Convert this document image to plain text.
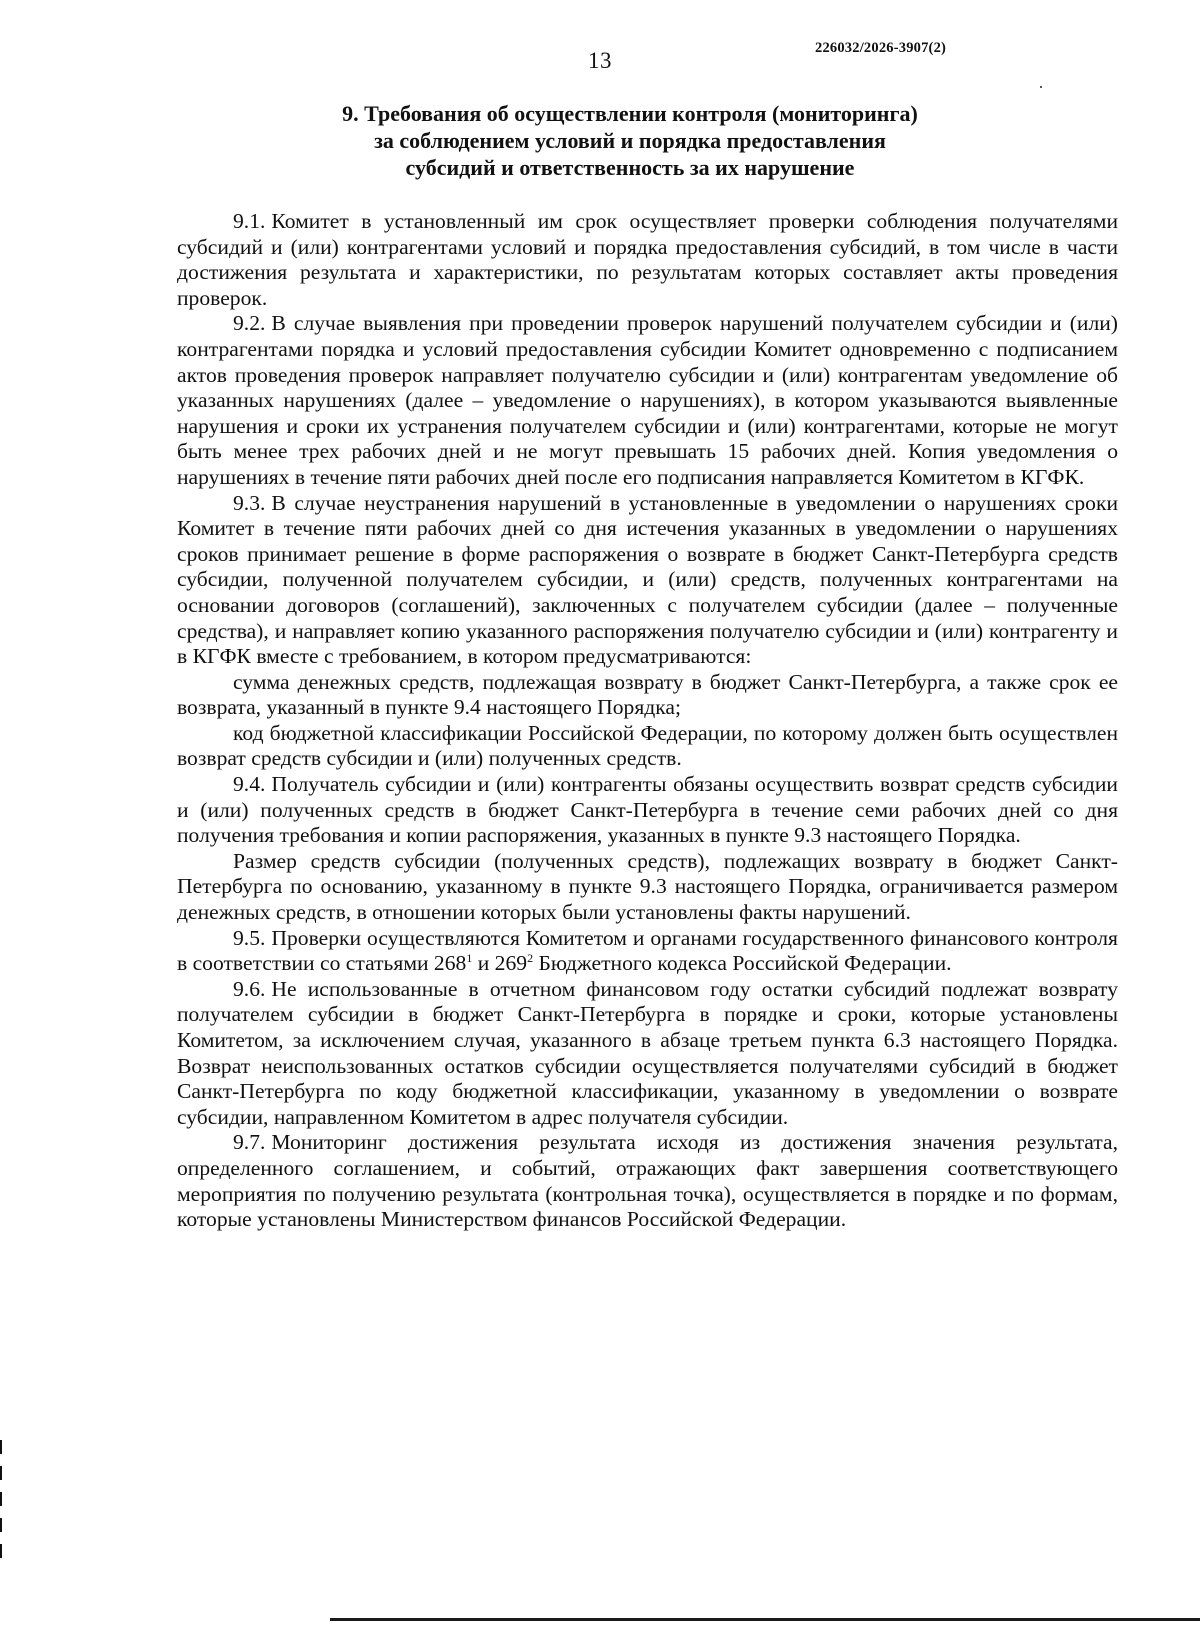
13	226032/2026-3907(2)
9. Требования об осуществлении контроля (мониторинга)
за соблюдением условий и порядка предоставления
субсидий и ответственность за их нарушение

9.1. Комитет в установленный им срок осуществляет проверки соблюдения получателями субсидий и (или) контрагентами условий и порядка предоставления субсидий, в том числе в части достижения результата и характеристики, по результатам которых составляет акты проведения проверок.

9.2. В случае выявления при проведении проверок нарушений получателем субсидии и (или) контрагентами порядка и условий предоставления субсидии Комитет одновременно с подписанием актов проведения проверок направляет получателю субсидии и (или) контрагентам уведомление об указанных нарушениях (далее – уведомление о нарушениях), в котором указываются выявленные нарушения и сроки их устранения получателем субсидии и (или) контрагентами, которые не могут быть менее трех рабочих дней и не могут превышать 15 рабочих дней. Копия уведомления о нарушениях в течение пяти рабочих дней после его подписания направляется Комитетом в КГФК.

9.3. В случае неустранения нарушений в установленные в уведомлении о нарушениях сроки Комитет в течение пяти рабочих дней со дня истечения указанных в уведомлении о нарушениях сроков принимает решение в форме распоряжения о возврате в бюджет Санкт-Петербурга средств субсидии, полученной получателем субсидии, и (или) средств, полученных контрагентами на основании договоров (соглашений), заключенных с получателем субсидии (далее – полученные средства), и направляет копию указанного распоряжения получателю субсидии и (или) контрагенту и в КГФК вместе с требованием, в котором предусматриваются:

сумма денежных средств, подлежащая возврату в бюджет Санкт-Петербурга, а также срок ее возврата, указанный в пункте 9.4 настоящего Порядка;

код бюджетной классификации Российской Федерации, по которому должен быть осуществлен возврат средств субсидии и (или) полученных средств.

9.4. Получатель субсидии и (или) контрагенты обязаны осуществить возврат средств субсидии и (или) полученных средств в бюджет Санкт-Петербурга в течение семи рабочих дней со дня получения требования и копии распоряжения, указанных в пункте 9.3 настоящего Порядка.

Размер средств субсидии (полученных средств), подлежащих возврату в бюджет Санкт-Петербурга по основанию, указанному в пункте 9.3 настоящего Порядка, ограничивается размером денежных средств, в отношении которых были установлены факты нарушений.

9.5. Проверки осуществляются Комитетом и органами государственного финансового контроля в соответствии со статьями $268^1$ и $269^2$ Бюджетного кодекса Российской Федерации.

9.6. Не использованные в отчетном финансовом году остатки субсидий подлежат возврату получателем субсидии в бюджет Санкт-Петербурга в порядке и сроки, которые установлены Комитетом, за исключением случая, указанного в абзаце третьем пункта 6.3 настоящего Порядка. Возврат неиспользованных остатков субсидии осуществляется получателями субсидий в бюджет Санкт-Петербурга по коду бюджетной классификации, указанному в уведомлении о возврате субсидии, направленном Комитетом в адрес получателя субсидии.

9.7. Мониторинг достижения результата исходя из достижения значения результата, определенного соглашением, и событий, отражающих факт завершения соответствующего мероприятия по получению результата (контрольная точка), осуществляется в порядке и по формам, которые установлены Министерством финансов Российской Федерации.
